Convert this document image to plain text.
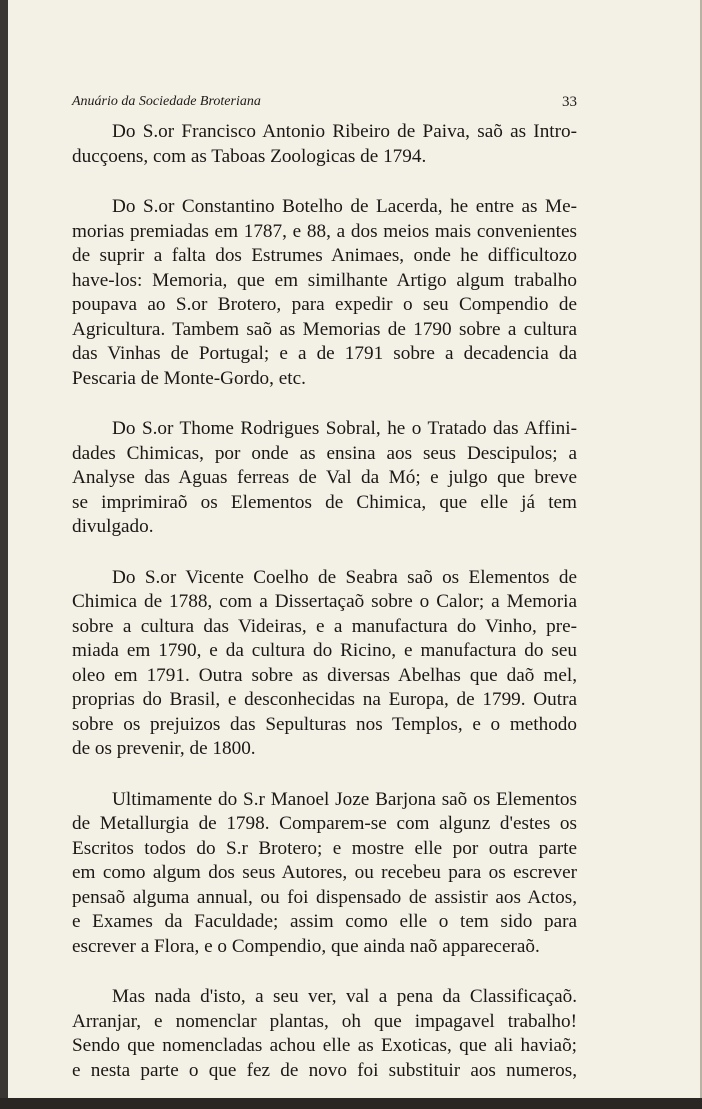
Anuário da Sociedade Broteriana	33

Do S.or Francisco Antonio Ribeiro de Paiva, saõ as Intro-
ducçoens, com as Taboas Zoologicas de 1794.

Do S.or Constantino Botelho de Lacerda, he entre as Me-
morias premiadas em 1787, e 88, a dos meios mais convenientes
de suprir a falta dos Estrumes Animaes, onde he difficultozo
have-los: Memoria, que em similhante Artigo algum trabalho
poupava ao S.or Brotero, para expedir o seu Compendio de
Agricultura. Tambem saõ as Memorias de 1790 sobre a cultura
das Vinhas de Portugal; e a de 1791 sobre a decadencia da
Pescaria de Monte-Gordo, etc.

Do S.or Thome Rodrigues Sobral, he o Tratado das Affini-
dades Chimicas, por onde as ensina aos seus Descipulos; a
Analyse das Aguas ferreas de Val da Mó; e julgo que breve
se imprimiraõ os Elementos de Chimica, que elle já tem
divulgado.

Do S.or Vicente Coelho de Seabra saõ os Elementos de
Chimica de 1788, com a Dissertaçaõ sobre o Calor; a Memoria
sobre a cultura das Videiras, e a manufactura do Vinho, pre-
miada em 1790, e da cultura do Ricino, e manufactura do seu
oleo em 1791. Outra sobre as diversas Abelhas que daõ mel,
proprias do Brasil, e desconhecidas na Europa, de 1799. Outra
sobre os prejuizos das Sepulturas nos Templos, e o methodo
de os prevenir, de 1800.

Ultimamente do S.r Manoel Joze Barjona saõ os Elementos
de Metallurgia de 1798. Comparem-se com algunz d'estes os
Escritos todos do S.r Brotero; e mostre elle por outra parte
em como algum dos seus Autores, ou recebeu para os escrever
pensaõ alguma annual, ou foi dispensado de assistir aos Actos,
e Exames da Faculdade; assim como elle o tem sido para
escrever a Flora, e o Compendio, que ainda naõ appareceraõ.

Mas nada d'isto, a seu ver, val a pena da Classificaçaõ.
Arranjar, e nomenclar plantas, oh que impagavel trabalho!
Sendo que nomencladas achou elle as Exoticas, que ali haviaõ;
e nesta parte o que fez de novo foi substituir aos numeros,
